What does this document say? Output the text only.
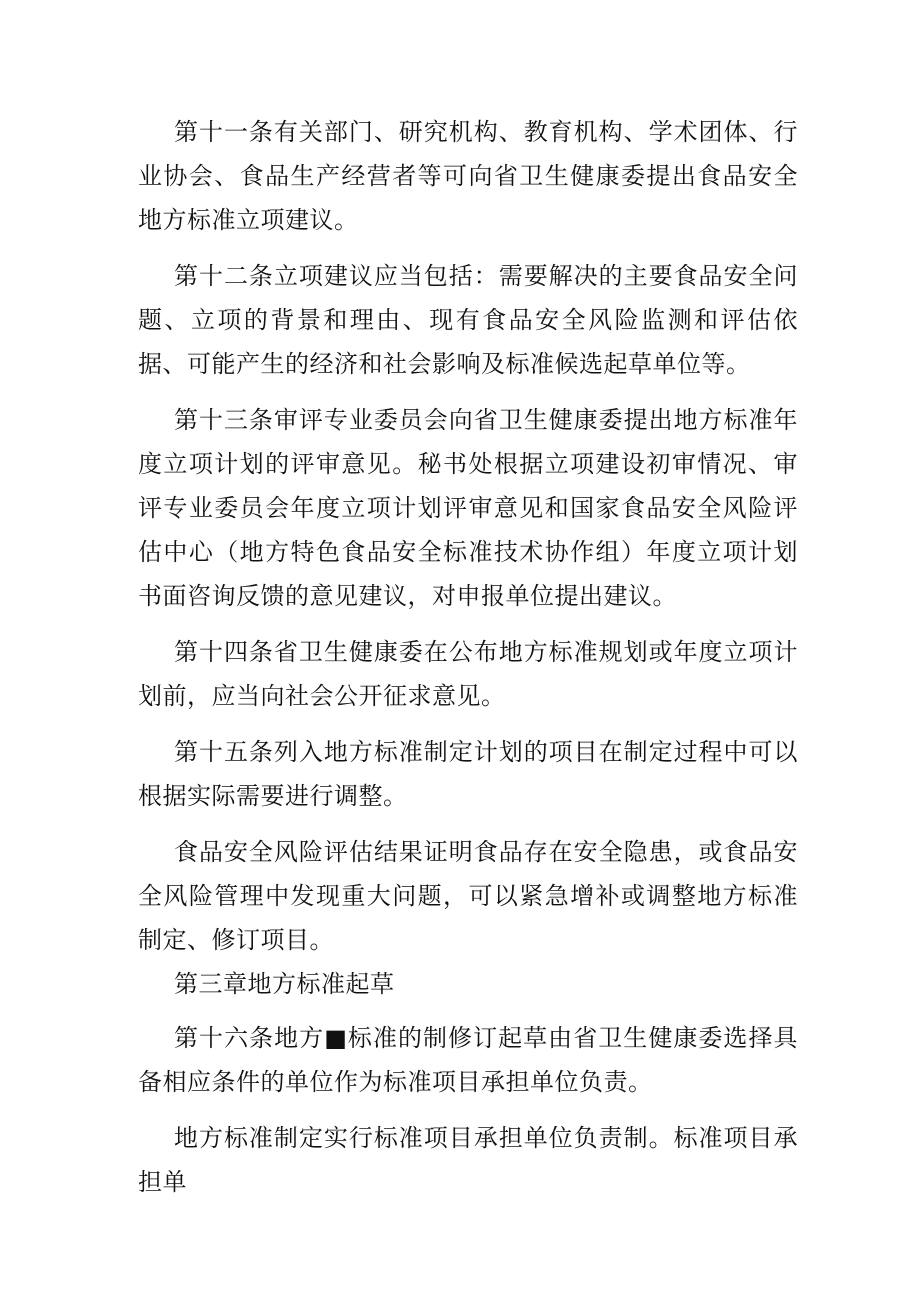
第十一条有关部门、研究机构、教育机构、学术团体、行业协会、食品生产经营者等可向省卫生健康委提出食品安全地方标准立项建议。

第十二条立项建议应当包括：需要解决的主要食品安全问题、立项的背景和理由、现有食品安全风险监测和评估依据、可能产生的经济和社会影响及标准候选起草单位等。

第十三条审评专业委员会向省卫生健康委提出地方标准年度立项计划的评审意见。秘书处根据立项建设初审情况、审评专业委员会年度立项计划评审意见和国家食品安全风险评估中心（地方特色食品安全标准技术协作组）年度立项计划书面咨询反馈的意见建议，对申报单位提出建议。

第十四条省卫生健康委在公布地方标准规划或年度立项计划前，应当向社会公开征求意见。

第十五条列入地方标准制定计划的项目在制定过程中可以根据实际需要进行调整。

食品安全风险评估结果证明食品存在安全隐患，或食品安全风险管理中发现重大问题，可以紧急增补或调整地方标准制定、修订项目。

第三章地方标准起草

第十六条地方■标准的制修订起草由省卫生健康委选择具备相应条件的单位作为标准项目承担单位负责。

地方标准制定实行标准项目承担单位负责制。标准项目承担单
